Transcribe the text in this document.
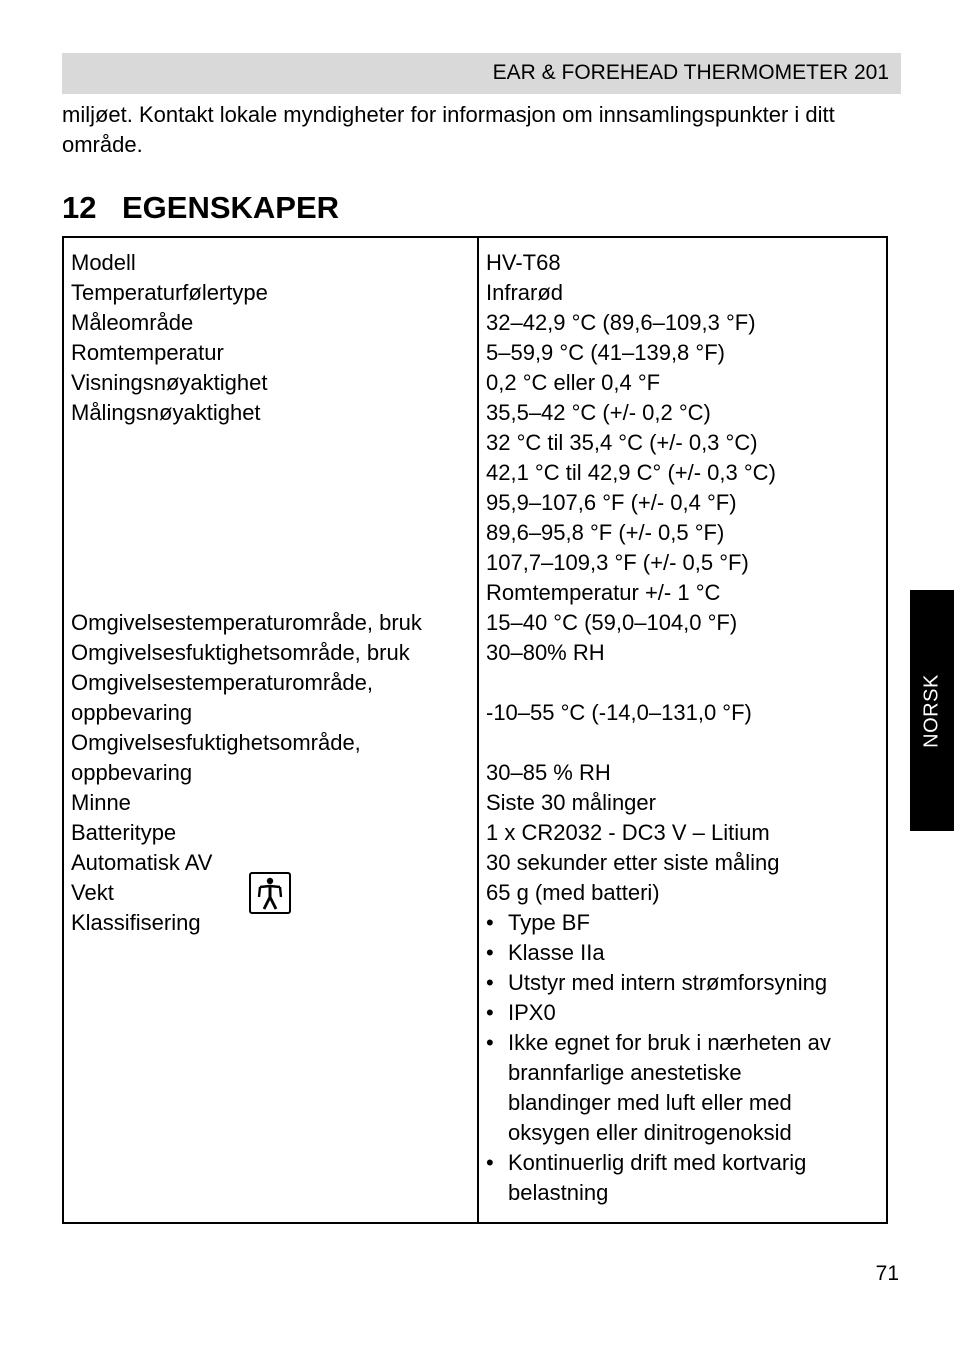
EAR & FOREHEAD THERMOMETER 201
miljøet. Kontakt lokale myndigheter for informasjon om innsamlingspunkter i ditt område.
12 EGENSKAPER
Modell
Temperaturfølertype
Måleområde
Romtemperatur
Visningsnøyaktighet
Målingsnøyaktighet
Omgivelsestemperaturområde, bruk
Omgivelsesfuktighetsområde, bruk
Omgivelsestemperaturområde,
oppbevaring
Omgivelsesfuktighetsområde,
oppbevaring
Minne
Batteritype
Automatisk AV
Vekt
Klassifisering
HV-T68
Infrarød
32–42,9 °C (89,6–109,3 °F)
5–59,9 °C (41–139,8 °F)
0,2 °C eller 0,4 °F
35,5–42 °C (+/- 0,2 °C)
32 °C til 35,4 °C (+/- 0,3 °C)
42,1 °C til 42,9 C° (+/- 0,3 °C)
95,9–107,6 °F (+/- 0,4 °F)
89,6–95,8 °F (+/- 0,5 °F)
107,7–109,3 °F (+/- 0,5 °F)
Romtemperatur +/- 1 °C
15–40 °C (59,0–104,0 °F)
30–80% RH
-10–55 °C (-14,0–131,0 °F)
30–85 % RH
Siste 30 målinger
1 x CR2032 - DC3 V – Litium
30 sekunder etter siste måling
65 g (med batteri)
• Type BF
• Klasse IIa
• Utstyr med intern strømforsyning
• IPX0
• Ikke egnet for bruk i nærheten av
brannfarlige anestetiske
blandinger med luft eller med
oksygen eller dinitrogenoksid
• Kontinuerlig drift med kortvarig
belastning
NORSK
71
